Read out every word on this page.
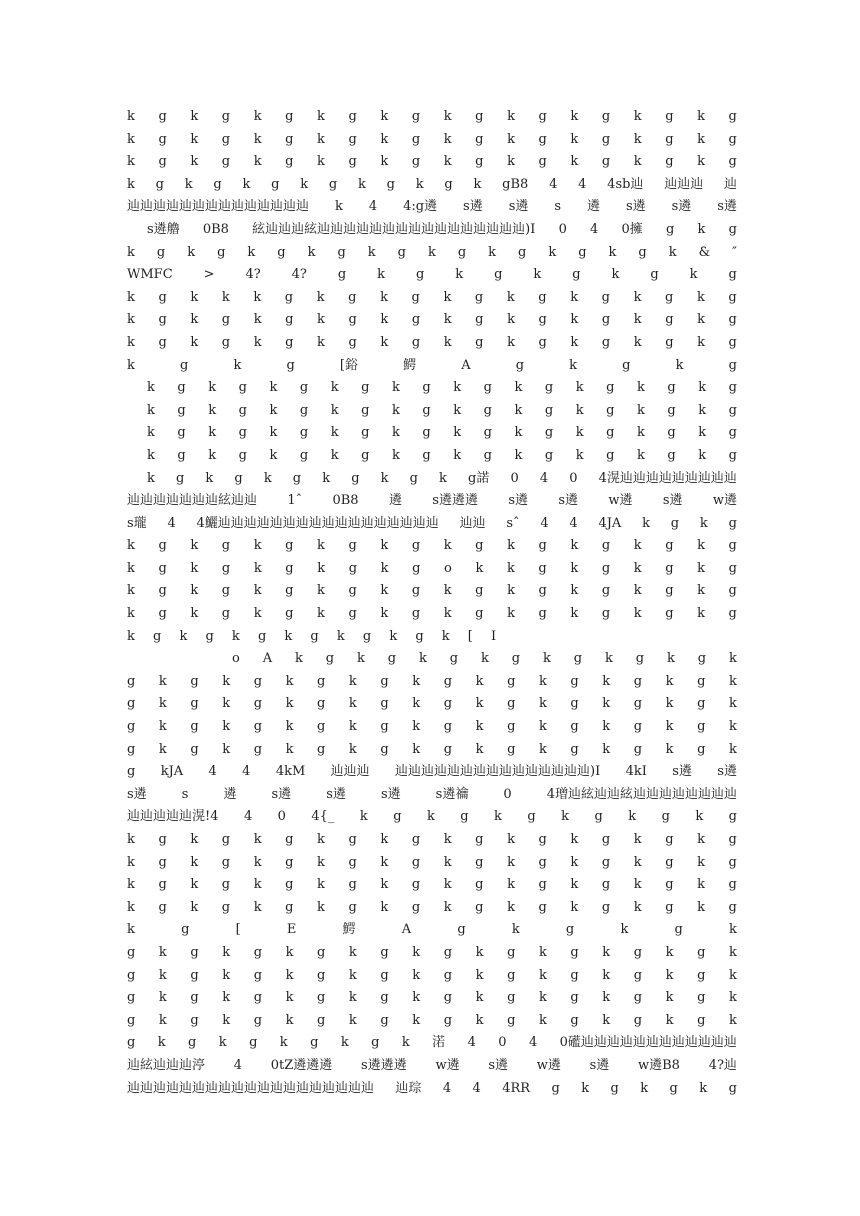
k g k g k g k g k g k g k g k g k g k g
k g k g k g k g k g k g k g k g k g k g
k g k g k g k g k g k g k g k g k g k g
k g k g k g k g k g k g k gB8 4 4 4sb辿 辿辿辿 辿
辿辿辿辿辿辿辿辿辿辿辿辿辿辿 k 4 4:g遴 s遴 s遴 s 遴 s遴 s遴 s遴
s遴艪 0B8 絃辿辿辿絃辿辿辿辿辿辿辿辿辿辿辿辿辿辿辿辿)I 0 4 0擁 g k g
k g k g k g k g k g k g k g k g k g k & ″
WMFC > 4? 4? g k g k g k g k g k g
k g k k k g k g k g k g k g k g k g k g
k g k g k g k g k g k g k g k g k g k g
k g k g k g k g k g k g k g k g k g k g
k	g	k	g	[鋊	鰐	A	g	k	g	k	g
k g k g k g k g k g k g k g k g k g k g
k g k g k g k g k g k g k g k g k g k g
k g k g k g k g k g k g k g k g k g k g
k g k g k g k g k g k g k g k g k g k g
k g k g k g k g k g k g諾 0 4 0 4滉辿辿辿辿辿辿辿辿辿
辿辿辿辿辿辿辿絃辿辿 1ˆ 0B8 遴 s遴遴遴 s遴 s遴 w遴 s遴 w遴
s瓏 4 4鱺辿辿辿辿辿辿辿辿辿辿辿辿辿辿辿辿辿 辿辿 sˆ 4 4 4JA k g k g
k g k g k g k g k g k g k g k g k g k g
k g k g k g k g k g o k k g k g k g k g
k g k g k g k g k g k g k g k g k g k g
k g k g k g k g k g k g k g k g k g k g
k g k g k g k g k g k g k [ I
o A k g k g k g k g k g k g k g k
g k g k g k g k g k g k g k g k g k g k
g k g k g k g k g k g k g k g k g k g k
g k g k g k g k g k g k g k g k g k g k
g k g k g k g k g k g k g k g k g k g k
g kJA 4 4 4kM 辿辿辿 辿辿辿辿辿辿辿辿辿辿辿辿辿辿辿)I 4kI s遴 s遴
s遴	s	遴	s遴	s遴	s遴	s遴禴	0	4璔辿絃辿辿絃辿辿辿辿辿辿辿辿
辿辿辿辿辿滉!4 4 0 4{_ k g k g k g k g k g k g
k g k g k g k g k g k g k g k g k g k g
k g k g k g k g k g k g k g k g k g k g
k g k g k g k g k g k g k g k g k g k g
k g k g k g k g k g k g k g k g k g k g
k	g	[	E	鰐	A	g	k	g	k	g	k
g k g k g k g k g k g k g k g k g k g k
g k g k g k g k g k g k g k g k g k g k
g k g k g k g k g k g k g k g k g k g k
g k g k g k g k g k g k g k g k g k g k
g k g k g k g k g k 渃 4 0 4 0礷辿辿辿辿辿辿辿辿辿辿辿辿
辿絃辿辿辿渟 4 0tZ遴遴遴 s遴遴遴 w遴 s遴 w遴 s遴 w遴B8 4?辿
辿辿辿辿辿辿辿辿辿辿辿辿辿辿辿辿辿辿辿 辿琮 4 4 4RR g k g k g k g
